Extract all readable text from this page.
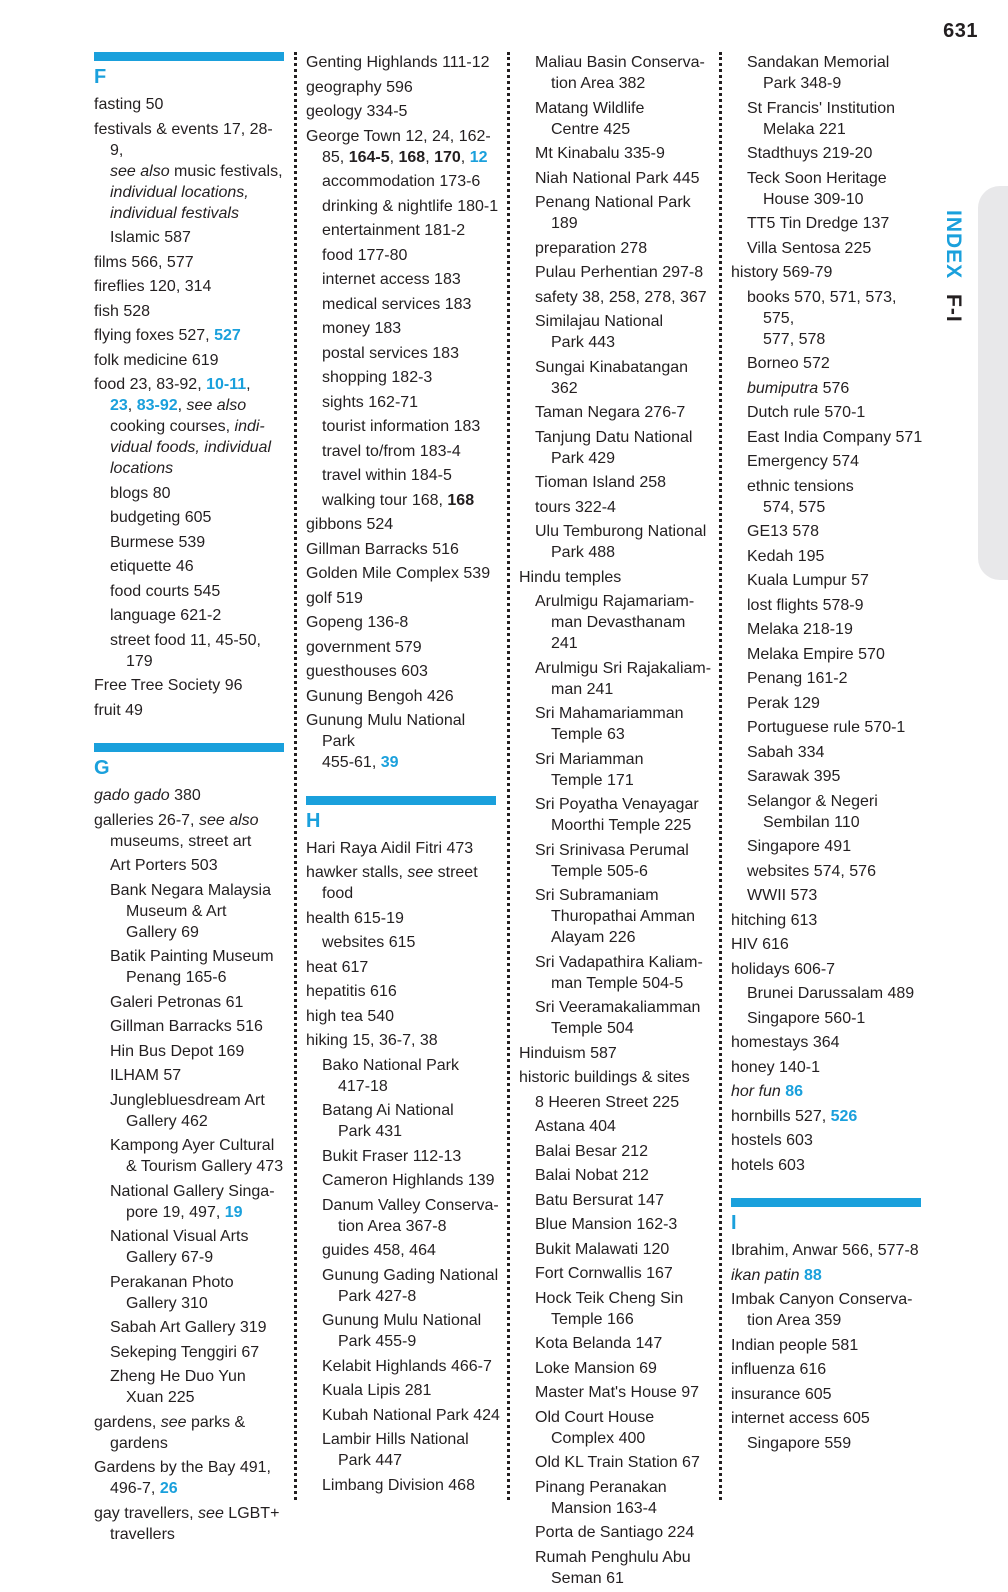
631
INDEX F-I
F
fasting 50
festivals & events 17, 28-9,
see also music festivals,
individual locations,
individual festivals
Islamic 587
films 566, 577
fireflies 120, 314
fish 528
flying foxes 527, 527
folk medicine 619
food 23, 83-92, 10-11,
23, 83-92, see also
cooking courses, indi-
vidual foods, individual
locations
blogs 80
budgeting 605
Burmese 539
etiquette 46
food courts 545
language 621-2
street food 11, 45-50, 179
Free Tree Society 96
fruit 49
G
gado gado 380
galleries 26-7, see also
museums, street art
Art Porters 503
Bank Negara Malaysia
Museum & Art
Gallery 69
Batik Painting Museum
Penang 165-6
Galeri Petronas 61
Gillman Barracks 516
Hin Bus Depot 169
ILHAM 57
Junglebluesdream Art
Gallery 462
Kampong Ayer Cultural
& Tourism Gallery 473
National Gallery Singa-
pore 19, 497, 19
National Visual Arts
Gallery 67-9
Perakanan Photo
Gallery 310
Sabah Art Gallery 319
Sekeping Tenggiri 67
Zheng He Duo Yun
Xuan 225
gardens, see parks &
gardens
Gardens by the Bay 491,
496-7, 26
gay travellers, see LGBT+
travellers
Genting Highlands 111-12
geography 596
geology 334-5
George Town 12, 24, 162-
85, 164-5, 168, 170, 12
accommodation 173-6
drinking & nightlife 180-1
entertainment 181-2
food 177-80
internet access 183
medical services 183
money 183
postal services 183
shopping 182-3
sights 162-71
tourist information 183
travel to/from 183-4
travel within 184-5
walking tour 168, 168
gibbons 524
Gillman Barracks 516
Golden Mile Complex 539
golf 519
Gopeng 136-8
government 579
guesthouses 603
Gunung Bengoh 426
Gunung Mulu National Park
455-61, 39
H
Hari Raya Aidil Fitri 473
hawker stalls, see street
food
health 615-19
websites 615
heat 617
hepatitis 616
high tea 540
hiking 15, 36-7, 38
Bako National Park
417-18
Batang Ai National
Park 431
Bukit Fraser 112-13
Cameron Highlands 139
Danum Valley Conserva-
tion Area 367-8
guides 458, 464
Gunung Gading National
Park 427-8
Gunung Mulu National
Park 455-9
Kelabit Highlands 466-7
Kuala Lipis 281
Kubah National Park 424
Lambir Hills National
Park 447
Limbang Division 468
Maliau Basin Conserva-
tion Area 382
Matang Wildlife
Centre 425
Mt Kinabalu 335-9
Niah National Park 445
Penang National Park 189
preparation 278
Pulau Perhentian 297-8
safety 38, 258, 278, 367
Similajau National
Park 443
Sungai Kinabatangan 362
Taman Negara 276-7
Tanjung Datu National
Park 429
Tioman Island 258
tours 322-4
Ulu Temburong National
Park 488
Hindu temples
Arulmigu Rajamariam-
man Devasthanam 241
Arulmigu Sri Rajakaliam-
man 241
Sri Mahamariamman
Temple 63
Sri Mariamman
Temple 171
Sri Poyatha Venayagar
Moorthi Temple 225
Sri Srinivasa Perumal
Temple 505-6
Sri Subramaniam
Thuropathai Amman
Alayam 226
Sri Vadapathira Kaliam-
man Temple 504-5
Sri Veeramakaliamman
Temple 504
Hinduism 587
historic buildings & sites
8 Heeren Street 225
Astana 404
Balai Besar 212
Balai Nobat 212
Batu Bersurat 147
Blue Mansion 162-3
Bukit Malawati 120
Fort Cornwallis 167
Hock Teik Cheng Sin
Temple 166
Kota Belanda 147
Loke Mansion 69
Master Mat's House 97
Old Court House
Complex 400
Old KL Train Station 67
Pinang Peranakan
Mansion 163-4
Porta de Santiago 224
Rumah Penghulu Abu
Seman 61
Sandakan Memorial
Park 348-9
St Francis' Institution
Melaka 221
Stadthuys 219-20
Teck Soon Heritage
House 309-10
TT5 Tin Dredge 137
Villa Sentosa 225
history 569-79
books 570, 571, 573, 575,
577, 578
Borneo 572
bumiputra 576
Dutch rule 570-1
East India Company 571
Emergency 574
ethnic tensions
574, 575
GE13 578
Kedah 195
Kuala Lumpur 57
lost flights 578-9
Melaka 218-19
Melaka Empire 570
Penang 161-2
Perak 129
Portuguese rule 570-1
Sabah 334
Sarawak 395
Selangor & Negeri
Sembilan 110
Singapore 491
websites 574, 576
WWII 573
hitching 613
HIV 616
holidays 606-7
Brunei Darussalam 489
Singapore 560-1
homestays 364
honey 140-1
hor fun 86
hornbills 527, 526
hostels 603
hotels 603
I
Ibrahim, Anwar 566, 577-8
ikan patin 88
Imbak Canyon Conserva-
tion Area 359
Indian people 581
influenza 616
insurance 605
internet access 605
Singapore 559
